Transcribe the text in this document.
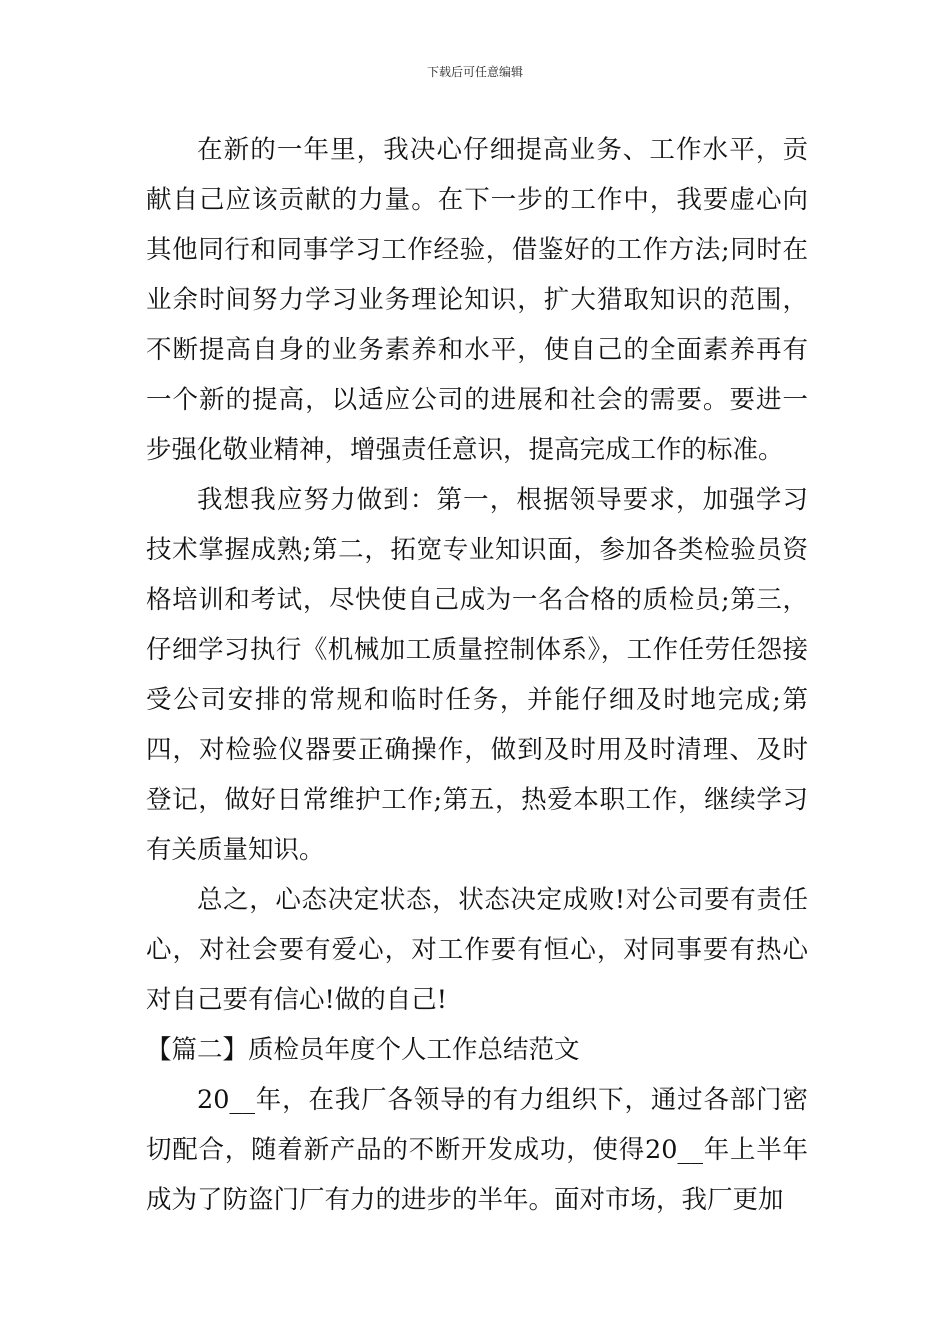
下载后可任意编辑

在新的一年里，我决心仔细提高业务、工作水平，贡献自己应该贡献的力量。在下一步的工作中，我要虚心向其他同行和同事学习工作经验，借鉴好的工作方法;同时在业余时间努力学习业务理论知识，扩大猎取知识的范围，不断提高自身的业务素养和水平，使自己的全面素养再有一个新的提高，以适应公司的进展和社会的需要。要进一步强化敬业精神，增强责任意识，提高完成工作的标准。

我想我应努力做到：第一，根据领导要求，加强学习技术掌握成熟;第二，拓宽专业知识面，参加各类检验员资格培训和考试，尽快使自己成为一名合格的质检员;第三，仔细学习执行《机械加工质量控制体系》，工作任劳任怨接受公司安排的常规和临时任务，并能仔细及时地完成;第四，对检验仪器要正确操作，做到及时用及时清理、及时登记，做好日常维护工作;第五，热爱本职工作，继续学习有关质量知识。

总之，心态决定状态，状态决定成败!对公司要有责任心，对社会要有爱心，对工作要有恒心，对同事要有热心对自己要有信心!做的自己!

【篇二】质检员年度个人工作总结范文

20__年，在我厂各领导的有力组织下，通过各部门密切配合，随着新产品的不断开发成功，使得20__年上半年成为了防盗门厂有力的进步的半年。面对市场，我厂更加
